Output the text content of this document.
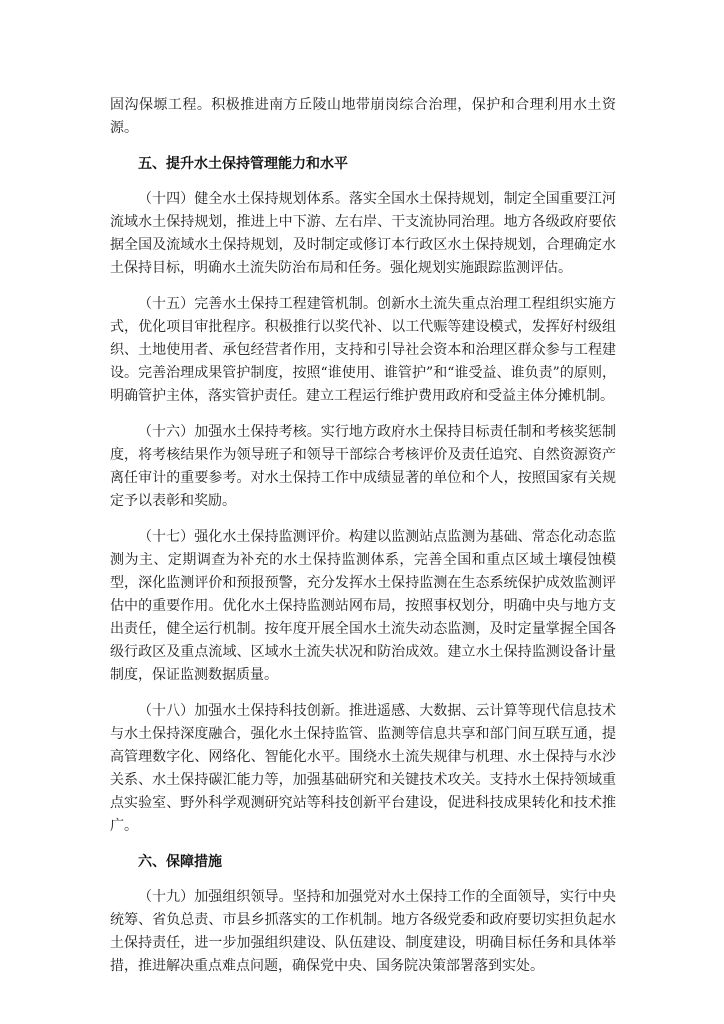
固沟保塬工程。积极推进南方丘陵山地带崩岗综合治理，保护和合理利用水土资源。

五、提升水土保持管理能力和水平

（十四）健全水土保持规划体系。落实全国水土保持规划，制定全国重要江河流域水土保持规划，推进上中下游、左右岸、干支流协同治理。地方各级政府要依据全国及流域水土保持规划，及时制定或修订本行政区水土保持规划，合理确定水土保持目标，明确水土流失防治布局和任务。强化规划实施跟踪监测评估。

（十五）完善水土保持工程建管机制。创新水土流失重点治理工程组织实施方式，优化项目审批程序。积极推行以奖代补、以工代赈等建设模式，发挥好村级组织、土地使用者、承包经营者作用，支持和引导社会资本和治理区群众参与工程建设。完善治理成果管护制度，按照“谁使用、谁管护”和“谁受益、谁负责”的原则，明确管护主体，落实管护责任。建立工程运行维护费用政府和受益主体分摊机制。

（十六）加强水土保持考核。实行地方政府水土保持目标责任制和考核奖惩制度，将考核结果作为领导班子和领导干部综合考核评价及责任追究、自然资源资产离任审计的重要参考。对水土保持工作中成绩显著的单位和个人，按照国家有关规定予以表彰和奖励。

（十七）强化水土保持监测评价。构建以监测站点监测为基础、常态化动态监测为主、定期调查为补充的水土保持监测体系，完善全国和重点区域土壤侵蚀模型，深化监测评价和预报预警，充分发挥水土保持监测在生态系统保护成效监测评估中的重要作用。优化水土保持监测站网布局，按照事权划分，明确中央与地方支出责任，健全运行机制。按年度开展全国水土流失动态监测，及时定量掌握全国各级行政区及重点流域、区域水土流失状况和防治成效。建立水土保持监测设备计量制度，保证监测数据质量。

（十八）加强水土保持科技创新。推进遥感、大数据、云计算等现代信息技术与水土保持深度融合，强化水土保持监管、监测等信息共享和部门间互联互通，提高管理数字化、网络化、智能化水平。围绕水土流失规律与机理、水土保持与水沙关系、水土保持碳汇能力等，加强基础研究和关键技术攻关。支持水土保持领域重点实验室、野外科学观测研究站等科技创新平台建设，促进科技成果转化和技术推广。

六、保障措施

（十九）加强组织领导。坚持和加强党对水土保持工作的全面领导，实行中央统筹、省负总责、市县乡抓落实的工作机制。地方各级党委和政府要切实担负起水土保持责任，进一步加强组织建设、队伍建设、制度建设，明确目标任务和具体举措，推进解决重点难点问题，确保党中央、国务院决策部署落到实处。
